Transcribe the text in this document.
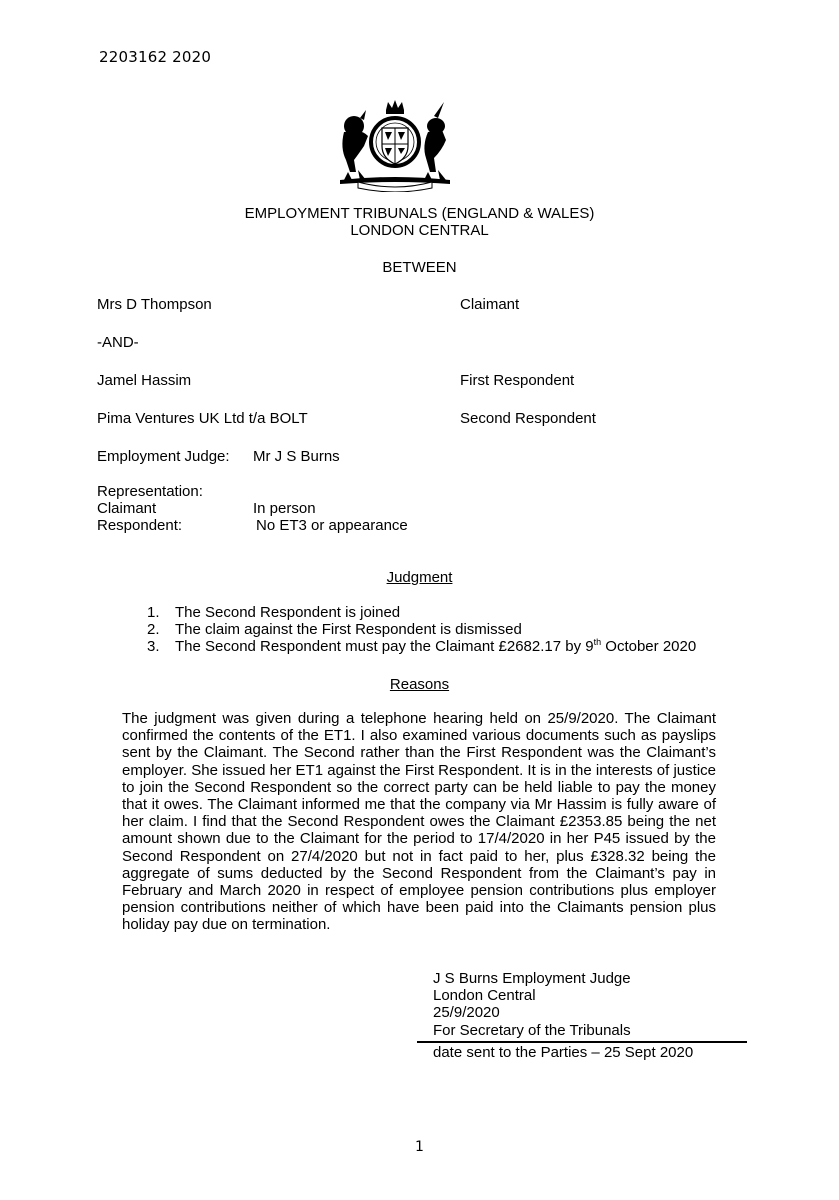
2203162 2020
EMPLOYMENT TRIBUNALS (ENGLAND & WALES)
LONDON CENTRAL
BETWEEN
Mrs D Thompson	Claimant
-AND-
Jamel Hassim	First Respondent
Pima Ventures UK Ltd t/a BOLT	Second Respondent
Employment Judge: Mr J S Burns
Representation:
Claimant	In person
Respondent:	No ET3 or appearance
Judgment
1.	The Second Respondent is joined
2.	The claim against the First Respondent is dismissed
3.	The Second Respondent must pay the Claimant £2682.17 by 9th October 2020
Reasons

The judgment was given during a telephone hearing held on 25/9/2020. The Claimant confirmed the contents of the ET1. I also examined various documents such as payslips sent by the Claimant. The Second rather than the First Respondent was the Claimant’s employer. She issued her ET1 against the First Respondent. It is in the interests of justice to join the Second Respondent so the correct party can be held liable to pay the money that it owes. The Claimant informed me that the company via Mr Hassim is fully aware of her claim. I find that the Second Respondent owes the Claimant £2353.85 being the net amount shown due to the Claimant for the period to 17/4/2020 in her P45 issued by the Second Respondent on 27/4/2020 but not in fact paid to her, plus £328.32 being the aggregate of sums deducted by the Second Respondent from the Claimant’s pay in February and March 2020 in respect of employee pension contributions plus employer pension contributions neither of which have been paid into the Claimants pension plus holiday pay due on termination.

J S Burns Employment Judge
London Central
25/9/2020
For Secretary of the Tribunals
date sent to the Parties – 25 Sept 2020
1
